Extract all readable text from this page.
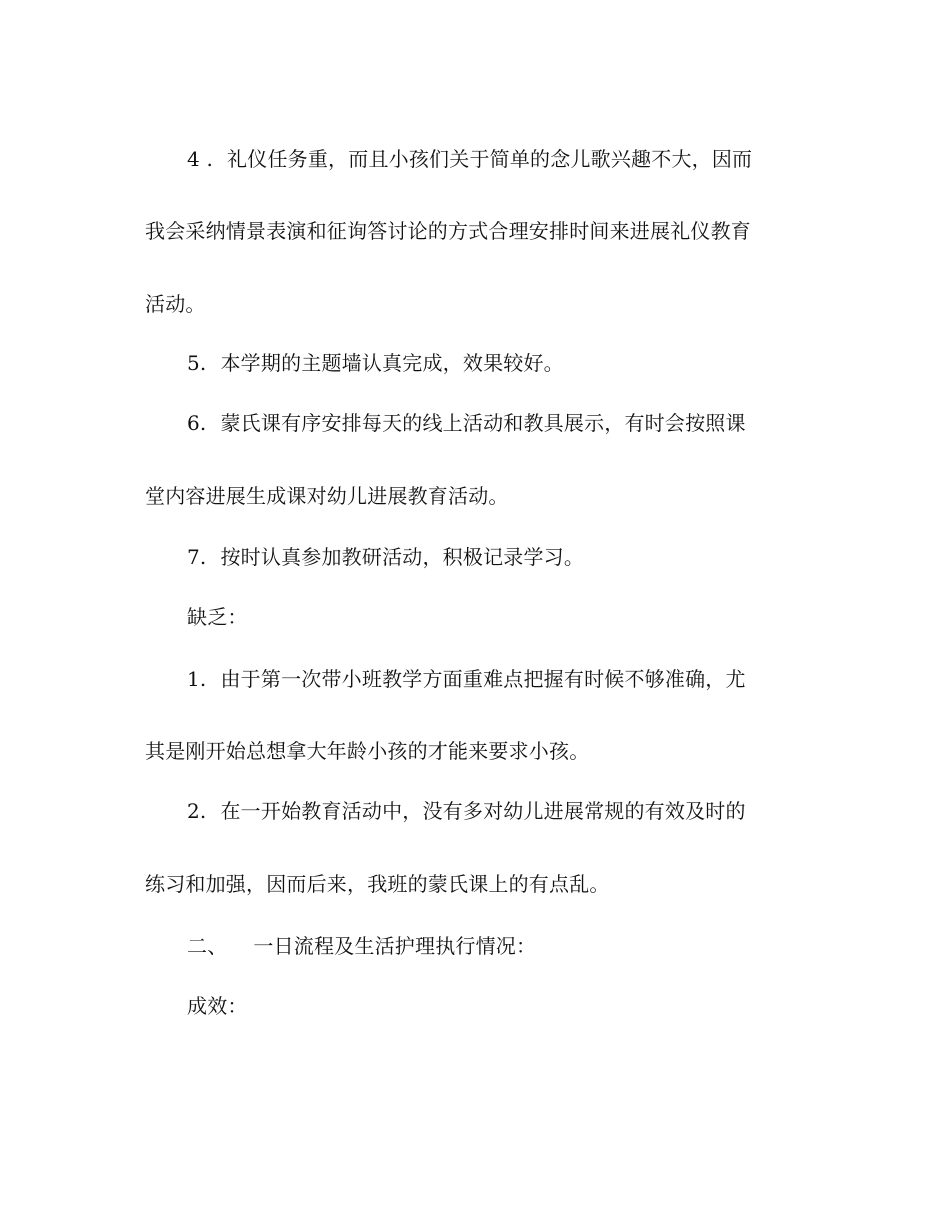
4 . 礼仪任务重，而且小孩们关于简单的念儿歌兴趣不大，因而
我会采纳情景表演和征询答讨论的方式合理安排时间来进展礼仪教育
活动。
5. 本学期的主题墙认真完成，效果较好。
6. 蒙氏课有序安排每天的线上活动和教具展示，有时会按照课
堂内容进展生成课对幼儿进展教育活动。
7. 按时认真参加教研活动，积极记录学习。
缺乏：
1. 由于第一次带小班教学方面重难点把握有时候不够准确，尤
其是刚开始总想拿大年龄小孩的才能来要求小孩。
2. 在一开始教育活动中，没有多对幼儿进展常规的有效及时的
练习和加强，因而后来，我班的蒙氏课上的有点乱。
二、 一日流程及生活护理执行情况：
成效：
